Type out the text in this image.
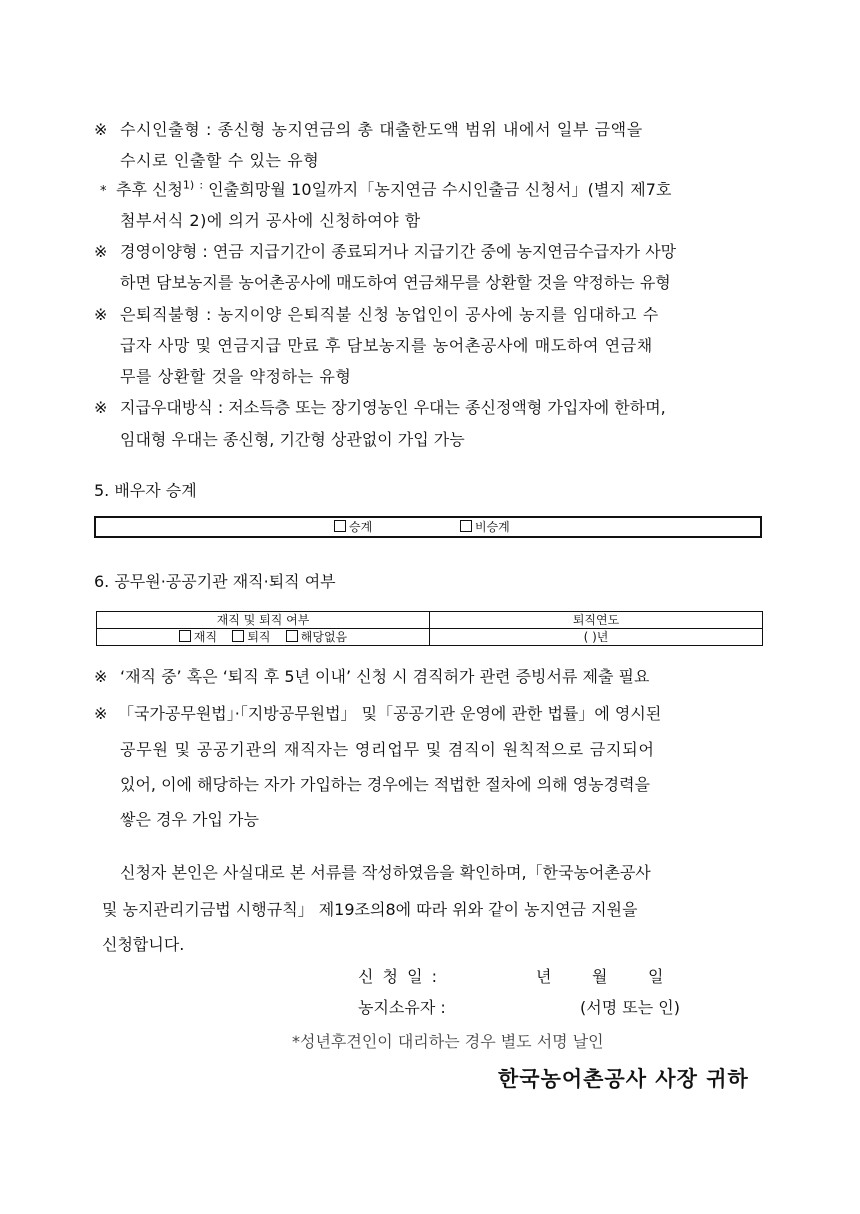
※ 수시인출형 : 종신형 농지연금의 총 대출한도액 범위 내에서 일부 금액을
수시로 인출할 수 있는 유형
* 추후 신청$^{1)}$ : 인출희망월 10일까지「농지연금 수시인출금 신청서」(별지 제7호
첨부서식 2)에 의거 공사에 신청하여야 함
※ 경영이양형 : 연금 지급기간이 종료되거나 지급기간 중에 농지연금수급자가 사망
하면 담보농지를 농어촌공사에 매도하여 연금채무를 상환할 것을 약정하는 유형
※ 은퇴직불형 : 농지이양 은퇴직불 신청 농업인이 공사에 농지를 임대하고 수
급자 사망 및 연금지급 만료 후 담보농지를 농어촌공사에 매도하여 연금채
무를 상환할 것을 약정하는 유형
※ 지급우대방식 : 저소득층 또는 장기영농인 우대는 종신정액형 가입자에 한하며,
임대형 우대는 종신형, 기간형 상관없이 가입 가능
5. 배우자 승계
승계	비승계
6. 공무원·공공기관 재직·퇴직 여부
재직 및 퇴직 여부	퇴직연도
재직 퇴직 해당없음	( )년
※ ‘재직 중’ 혹은 ‘퇴직 후 5년 이내’ 신청 시 겸직허가 관련 증빙서류 제출 필요
※ 「국가공무원법」·「지방공무원법」 및「공공기관 운영에 관한 법률」에 영시된
공무원 및 공공기관의 재직자는 영리업무 및 겸직이 원칙적으로 금지되어
있어, 이에 해당하는 자가 가입하는 경우에는 적법한 절차에 의해 영농경력을
쌓은 경우 가입 가능
신청자 본인은 사실대로 본 서류를 작성하였음을 확인하며,「한국농어촌공사
및 농지관리기금법 시행규칙」 제19조의8에 따라 위와 같이 농지연금 지원을
신청합니다.
신 청 일 :	년	월	일
농지소유자 :	(서명 또는 인)
*성년후견인이 대리하는 경우 별도 서명 날인
한국농어촌공사 사장 귀하
